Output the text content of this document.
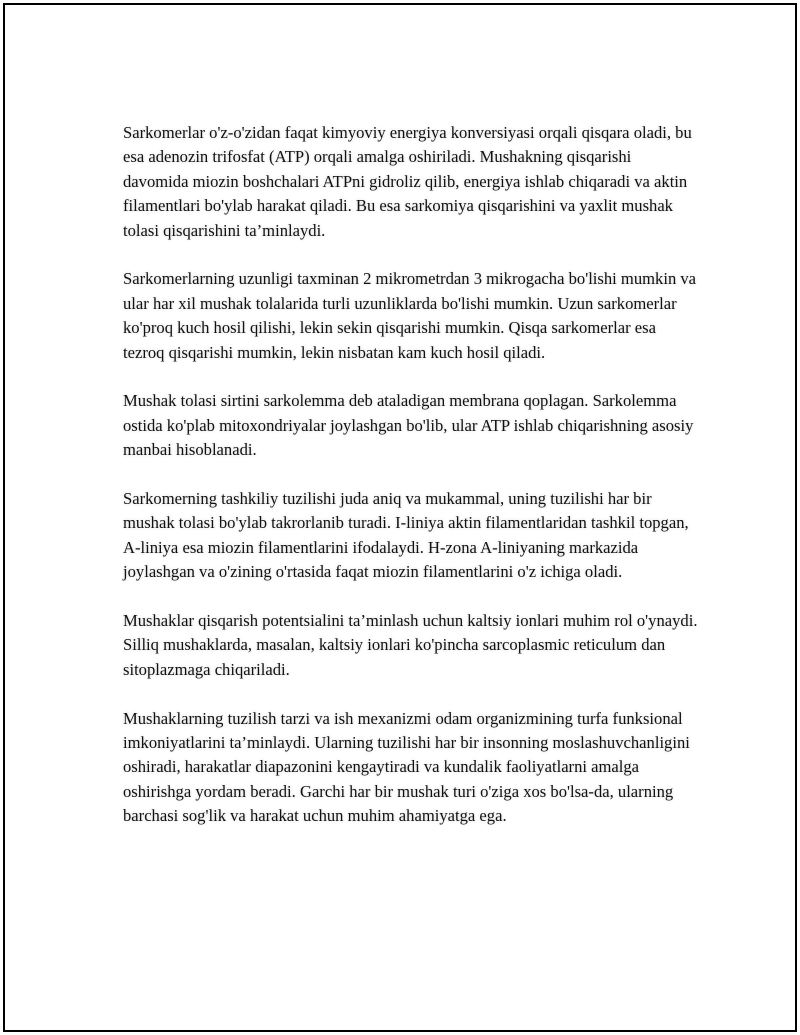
Sarkomerlar o'z-o'zidan faqat kimyoviy energiya konversiyasi orqali qisqara oladi, bu esa adenozin trifosfat (ATP) orqali amalga oshiriladi. Mushakning qisqarishi davomida miozin boshchalari ATPni gidroliz qilib, energiya ishlab chiqaradi va aktin filamentlari bo'ylab harakat qiladi. Bu esa sarkomiya qisqarishini va yaxlit mushak tolasi qisqarishini ta’minlaydi.

Sarkomerlarning uzunligi taxminan 2 mikrometrdan 3 mikrogacha bo'lishi mumkin va ular har xil mushak tolalarida turli uzunliklarda bo'lishi mumkin. Uzun sarkomerlar ko'proq kuch hosil qilishi, lekin sekin qisqarishi mumkin. Qisqa sarkomerlar esa tezroq qisqarishi mumkin, lekin nisbatan kam kuch hosil qiladi.

Mushak tolasi sirtini sarkolemma deb ataladigan membrana qoplagan. Sarkolemma ostida ko'plab mitoxondriyalar joylashgan bo'lib, ular ATP ishlab chiqarishning asosiy manbai hisoblanadi.

Sarkomerning tashkiliy tuzilishi juda aniq va mukammal, uning tuzilishi har bir mushak tolasi bo'ylab takrorlanib turadi. I-liniya aktin filamentlaridan tashkil topgan, A-liniya esa miozin filamentlarini ifodalaydi. H-zona A-liniyaning markazida joylashgan va o'zining o'rtasida faqat miozin filamentlarini o'z ichiga oladi.

Mushaklar qisqarish potentsialini ta’minlash uchun kaltsiy ionlari muhim rol o'ynaydi. Silliq mushaklarda, masalan, kaltsiy ionlari ko'pincha sarcoplasmic reticulum dan sitoplazmaga chiqariladi.

Mushaklarning tuzilish tarzi va ish mexanizmi odam organizmining turfa funksional imkoniyatlarini ta’minlaydi. Ularning tuzilishi har bir insonning moslashuvchanligini oshiradi, harakatlar diapazonini kengaytiradi va kundalik faoliyatlarni amalga oshirishga yordam beradi. Garchi har bir mushak turi o'ziga xos bo'lsa-da, ularning barchasi sog'lik va harakat uchun muhim ahamiyatga ega.
